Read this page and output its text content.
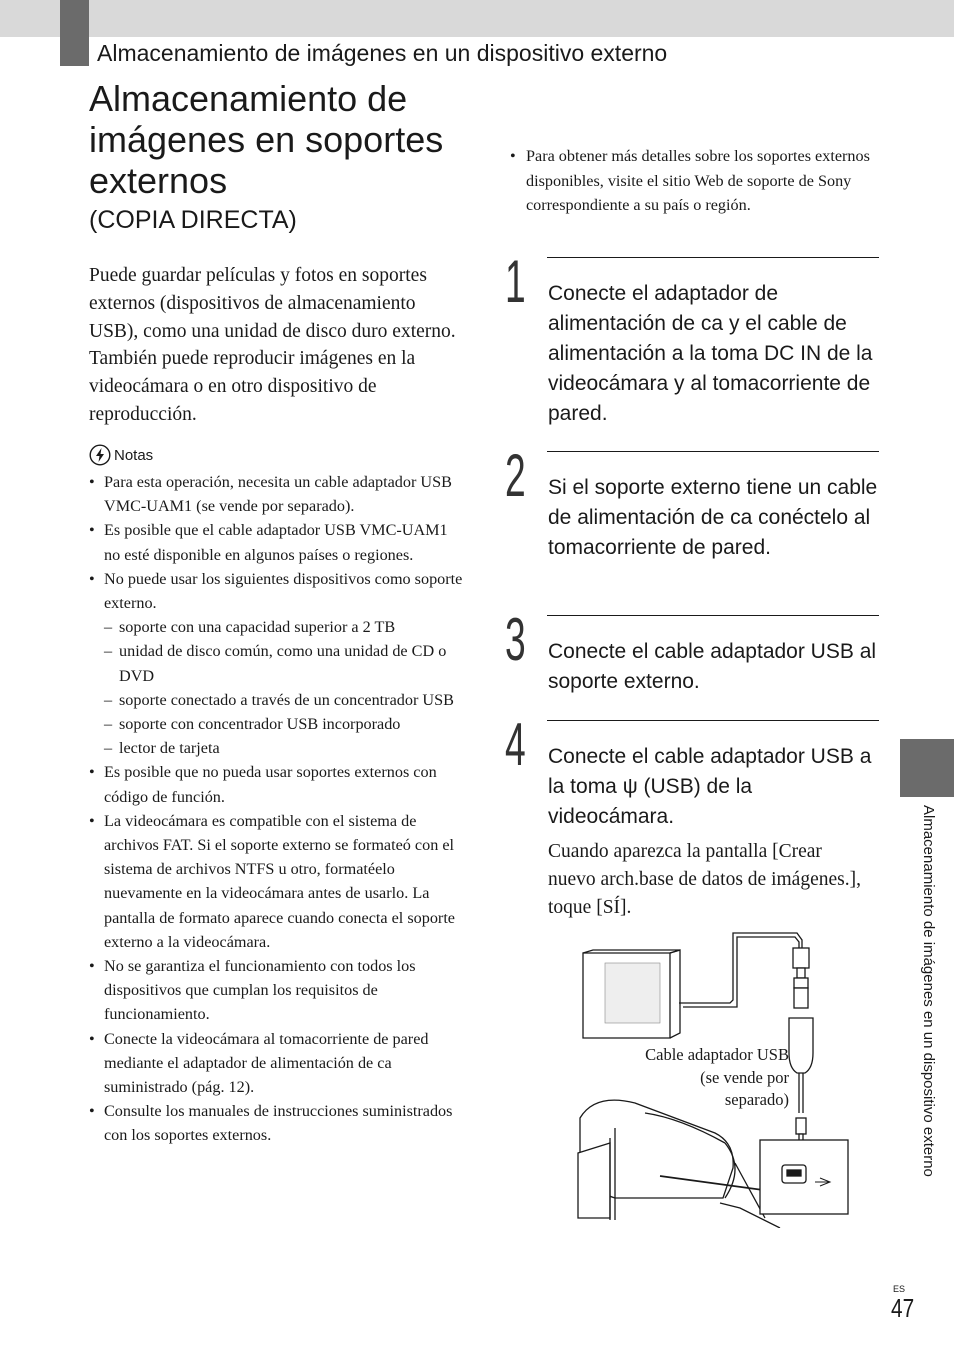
Almacenamiento de imágenes en un dispositivo externo
Almacenamiento de
imágenes en soportes
externos
(COPIA DIRECTA)
Puede guardar películas y fotos en soportes externos (dispositivos de almacenamiento USB), como una unidad de disco duro externo. También puede reproducir imágenes en la videocámara o en otro dispositivo de reproducción.
Notas
• Para esta operación, necesita un cable adaptador USB VMC-UAM1 (se vende por separado).
• Es posible que el cable adaptador USB VMC-UAM1 no esté disponible en algunos países o regiones.
• No puede usar los siguientes dispositivos como soporte externo.
– soporte con una capacidad superior a 2 TB
– unidad de disco común, como una unidad de CD o DVD
– soporte conectado a través de un concentrador USB
– soporte con concentrador USB incorporado
– lector de tarjeta
• Es posible que no pueda usar soportes externos con código de función.
• La videocámara es compatible con el sistema de archivos FAT. Si el soporte externo se formateó con el sistema de archivos NTFS u otro, formatéelo nuevamente en la videocámara antes de usarlo. La pantalla de formato aparece cuando conecta el soporte externo a la videocámara.
• No se garantiza el funcionamiento con todos los dispositivos que cumplan los requisitos de funcionamiento.
• Conecte la videocámara al tomacorriente de pared mediante el adaptador de alimentación de ca suministrado (pág. 12).
• Consulte los manuales de instrucciones suministrados con los soportes externos.
• Para obtener más detalles sobre los soportes externos disponibles, visite el sitio Web de soporte de Sony correspondiente a su país o región.
1 Conecte el adaptador de alimentación de ca y el cable de alimentación a la toma DC IN de la videocámara y al tomacorriente de pared.
2 Si el soporte externo tiene un cable de alimentación de ca conéctelo al tomacorriente de pared.
3 Conecte el cable adaptador USB al soporte externo.
4 Conecte el cable adaptador USB a la toma ψ (USB) de la videocámara.
Cuando aparezca la pantalla [Crear nuevo arch.base de datos de imágenes.], toque [SÍ].
Cable adaptador USB (se vende por separado)	Almacenamiento de imágenes en un dispositivo externo
ES
47
